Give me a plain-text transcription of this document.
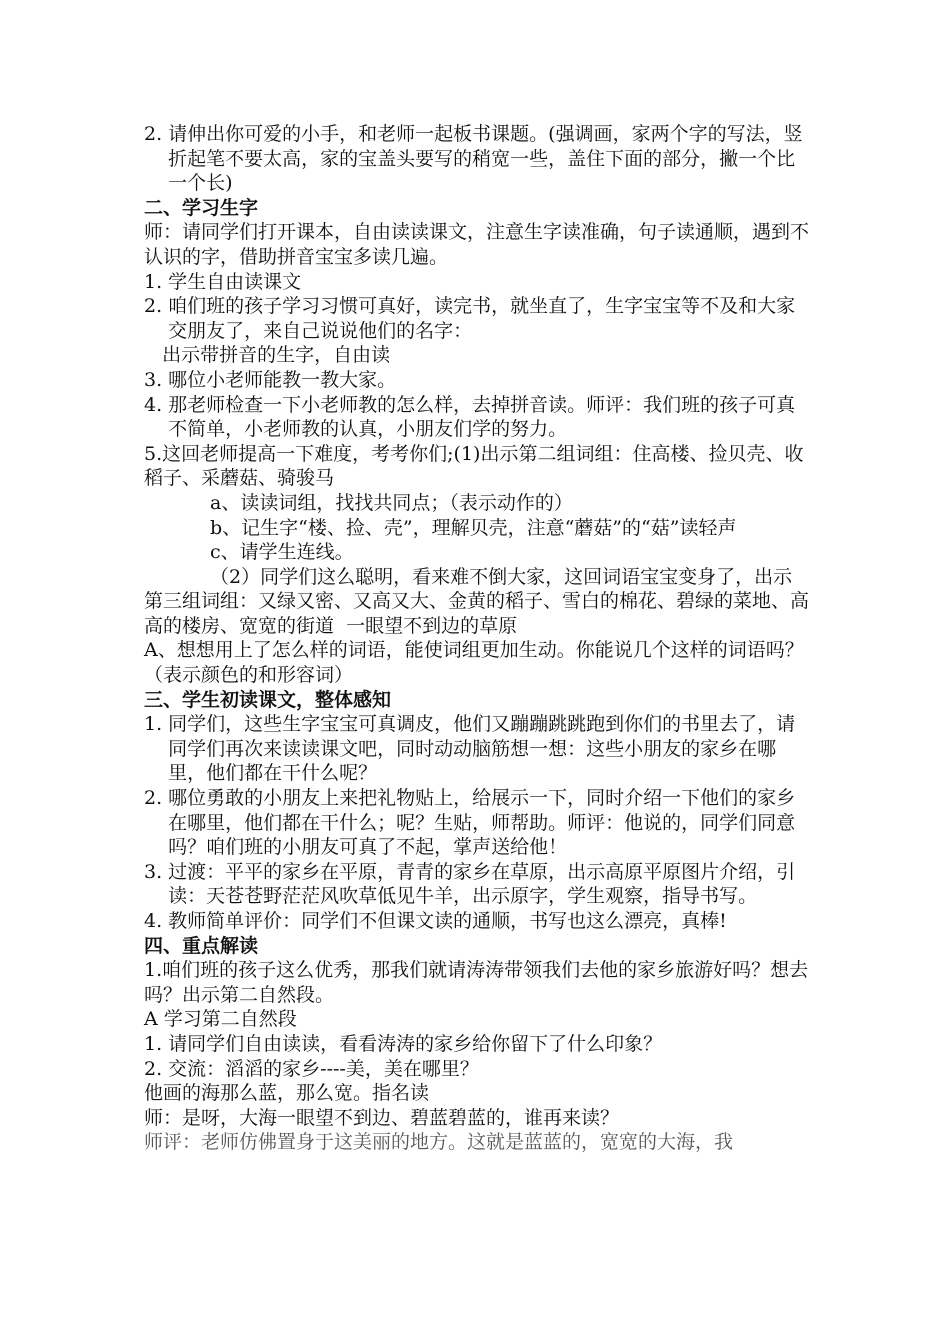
2. 请伸出你可爱的小手，和老师一起板书课题。(强调画，家两个字的写法，竖折起笔不要太高，家的宝盖头要写的稍宽一些，盖住下面的部分，撇一个比一个长)
二、学习生字
师：请同学们打开课本，自由读读课文，注意生字读准确，句子读通顺，遇到不认识的字，借助拼音宝宝多读几遍。
1. 学生自由读课文
2. 咱们班的孩子学习习惯可真好，读完书，就坐直了，生字宝宝等不及和大家交朋友了，来自己说说他们的名字：

出示带拼音的生字，自由读
3. 哪位小老师能教一教大家。
4. 那老师检查一下小老师教的怎么样，去掉拼音读。师评：我们班的孩子可真不简单，小老师教的认真，小朋友们学的努力。
5.这回老师提高一下难度，考考你们;(1)出示第二组词组：住高楼、捡贝壳、收稻子、采蘑菇、骑骏马
a、读读词组，找找共同点；（表示动作的）
b、记生字“楼、捡、壳”，理解贝壳，注意“蘑菇”的“菇”读轻声
c、请学生连线。
（2）同学们这么聪明，看来难不倒大家，这回词语宝宝变身了，出示第三组词组：又绿又密、又高又大、金黄的稻子、雪白的棉花、碧绿的菜地、高高的楼房、宽宽的街道  一眼望不到边的草原
A、想想用上了怎么样的词语，能使词组更加生动。你能说几个这样的词语吗？（表示颜色的和形容词）
三、学生初读课文，整体感知
1. 同学们，这些生字宝宝可真调皮，他们又蹦蹦跳跳跑到你们的书里去了，请同学们再次来读读课文吧，同时动动脑筋想一想：这些小朋友的家乡在哪里，他们都在干什么呢？
2. 哪位勇敢的小朋友上来把礼物贴上，给展示一下，同时介绍一下他们的家乡在哪里，他们都在干什么；呢？生贴，师帮助。师评：他说的，同学们同意吗？咱们班的小朋友可真了不起，掌声送给他！
3. 过渡：平平的家乡在平原，青青的家乡在草原，出示高原平原图片介绍，引读：天苍苍野茫茫风吹草低见牛羊，出示原字，学生观察，指导书写。
4. 教师简单评价：同学们不但课文读的通顺，书写也这么漂亮，真棒!
四、重点解读
1.咱们班的孩子这么优秀，那我们就请涛涛带领我们去他的家乡旅游好吗？想去吗？出示第二自然段。
A 学习第二自然段
1. 请同学们自由读读，看看涛涛的家乡给你留下了什么印象？
2. 交流：滔滔的家乡----美，美在哪里？
他画的海那么蓝，那么宽。指名读
师：是呀，大海一眼望不到边、碧蓝碧蓝的，谁再来读？
师评：老师仿佛置身于这美丽的地方。这就是蓝蓝的，宽宽的大海，我
